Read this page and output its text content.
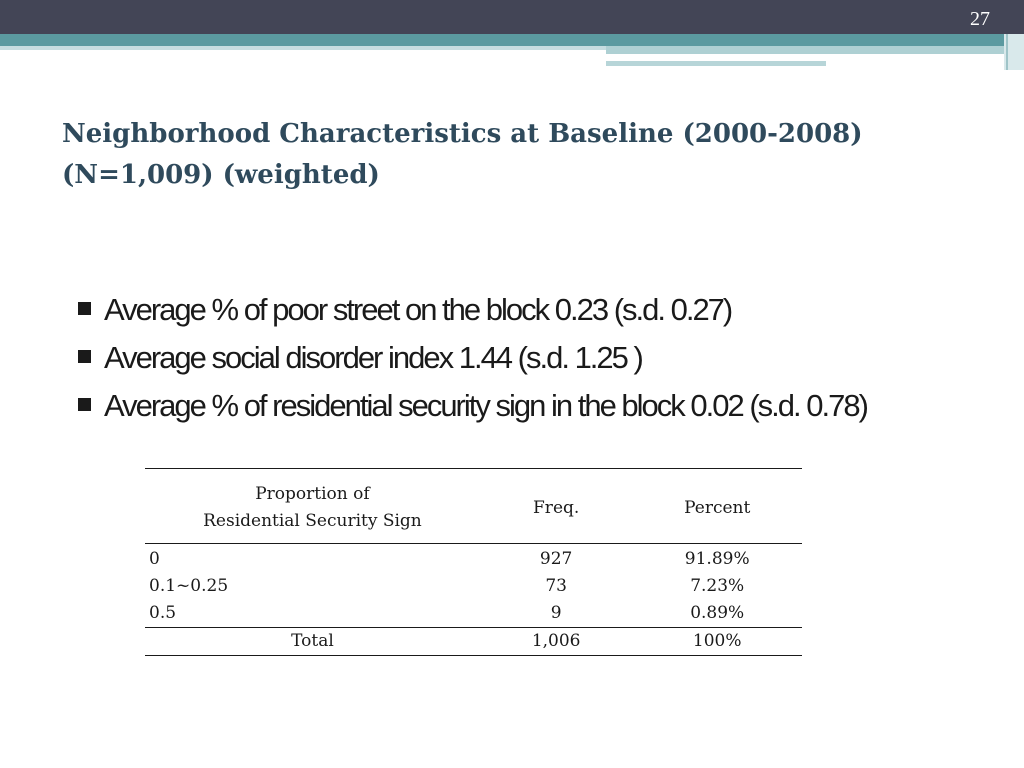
27
Neighborhood Characteristics at Baseline (2000-2008)
(N=1,009) (weighted)
Average % of poor street on the block 0.23 (s.d. 0.27)
Average social disorder index 1.44 (s.d. 1.25 )
Average % of residential security sign in the block 0.02 (s.d. 0.78)
Proportion of
Residential Security Sign	Freq.	Percent
0	927	91.89%
0.1~0.25	73	7.23%
0.5	9	0.89%
Total	1,006	100%
